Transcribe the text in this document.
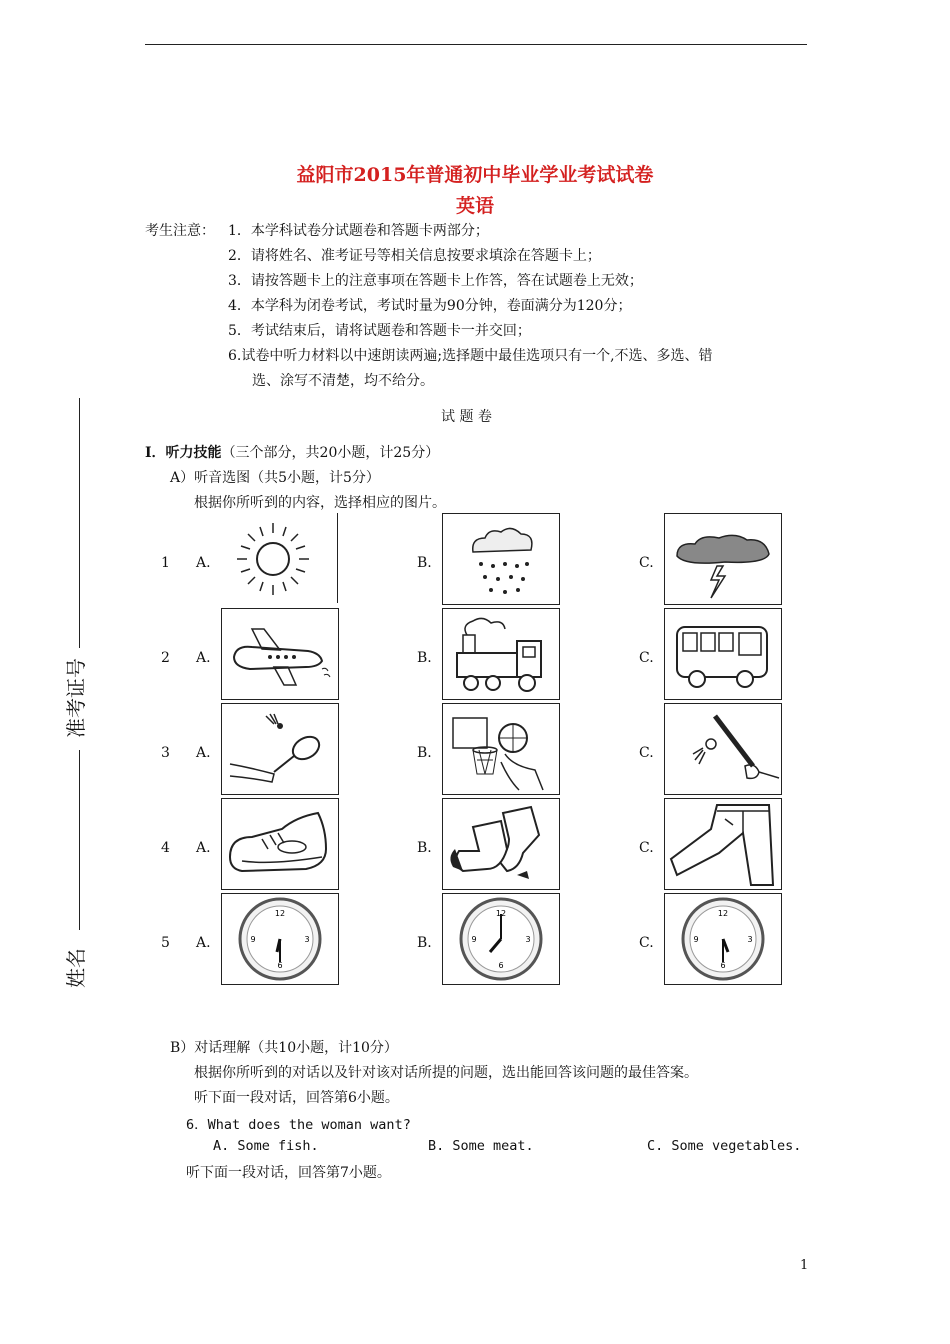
益阳市2015年普通初中毕业学业考试试卷
英语
考生注意： 1．本学科试卷分试题卷和答题卡两部分；
2．请将姓名、准考证号等相关信息按要求填涂在答题卡上；
3．请按答题卡上的注意事项在答题卡上作答，答在试题卷上无效；
4．本学科为闭卷考试，考试时量为90分钟，卷面满分为120分；
5．考试结束后，请将试题卷和答题卡一并交回；
6.试卷中听力材料以中速朗读两遍;选择题中最佳选项只有一个,不选、多选、错
选、涂写不清楚，均不给分。
准考证号
姓名
试 题 卷
I．听力技能（三个部分，共20小题，计25分）
A）听音选图（共5小题，计5分）
根据你所听到的内容，选择相应的图片。
1 A.	B.	C.
2 A.	B.	C.
3 A.	B.	C.
4 A.	B.	C.
5 A.	B.	C.
12
3
6
9
12
3
6
9
12
3
6
9
B）对话理解（共10小题，计10分）
根据你所听到的对话以及针对该对话所提的问题，选出能回答该问题的最佳答案。
听下面一段对话，回答第6小题。
6．What does the woman want?
A. Some fish.	B. Some meat.	C. Some vegetables.
听下面一段对话，回答第7小题。
1
